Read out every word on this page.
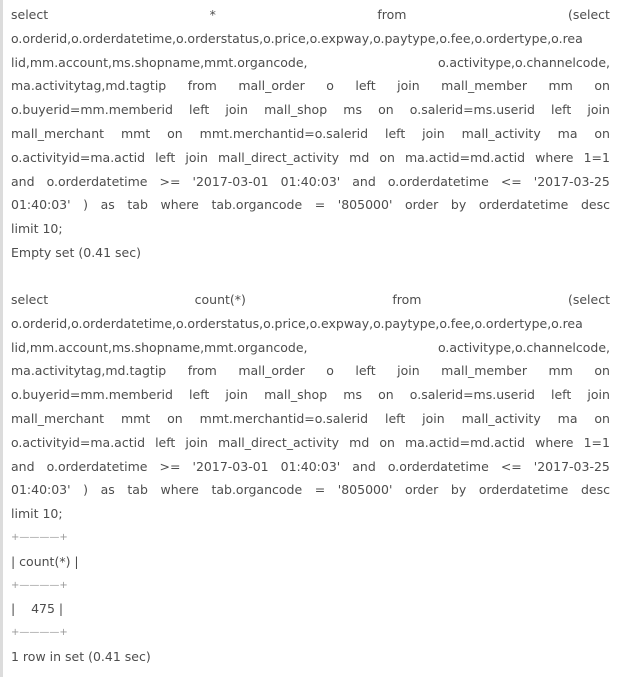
select	*	from	(select
o.orderid,o.orderdatetime,o.orderstatus,o.price,o.expway,o.paytype,o.fee,o.ordertype,o.rea
lid,mm.account,ms.shopname,mmt.organcode,	o.activitype,o.channelcode,
ma.activitytag,md.tagtip from mall_order o left join mall_member mm on
o.buyerid=mm.memberid left join mall_shop ms on o.salerid=ms.userid left join
mall_merchant mmt on mmt.merchantid=o.salerid left join mall_activity ma on
o.activityid=ma.actid left join mall_direct_activity md on ma.actid=md.actid where 1=1
and o.orderdatetime >= '2017-03-01 01:40:03' and o.orderdatetime <= '2017-03-25
01:40:03' ) as tab where tab.organcode = '805000' order by orderdatetime desc
limit 10;
Empty set (0.41 sec)
select	count(*)	from	(select
o.orderid,o.orderdatetime,o.orderstatus,o.price,o.expway,o.paytype,o.fee,o.ordertype,o.rea
lid,mm.account,ms.shopname,mmt.organcode,	o.activitype,o.channelcode,
ma.activitytag,md.tagtip from mall_order o left join mall_member mm on
o.buyerid=mm.memberid left join mall_shop ms on o.salerid=ms.userid left join
mall_merchant mmt on mmt.merchantid=o.salerid left join mall_activity ma on
o.activityid=ma.actid left join mall_direct_activity md on ma.actid=md.actid where 1=1
and o.orderdatetime >= '2017-03-01 01:40:03' and o.orderdatetime <= '2017-03-25
01:40:03' ) as tab where tab.organcode = '805000' order by orderdatetime desc
limit 10;
+————+
| count(*) |
+————+
|    475 |
+————+
1 row in set (0.41 sec)
